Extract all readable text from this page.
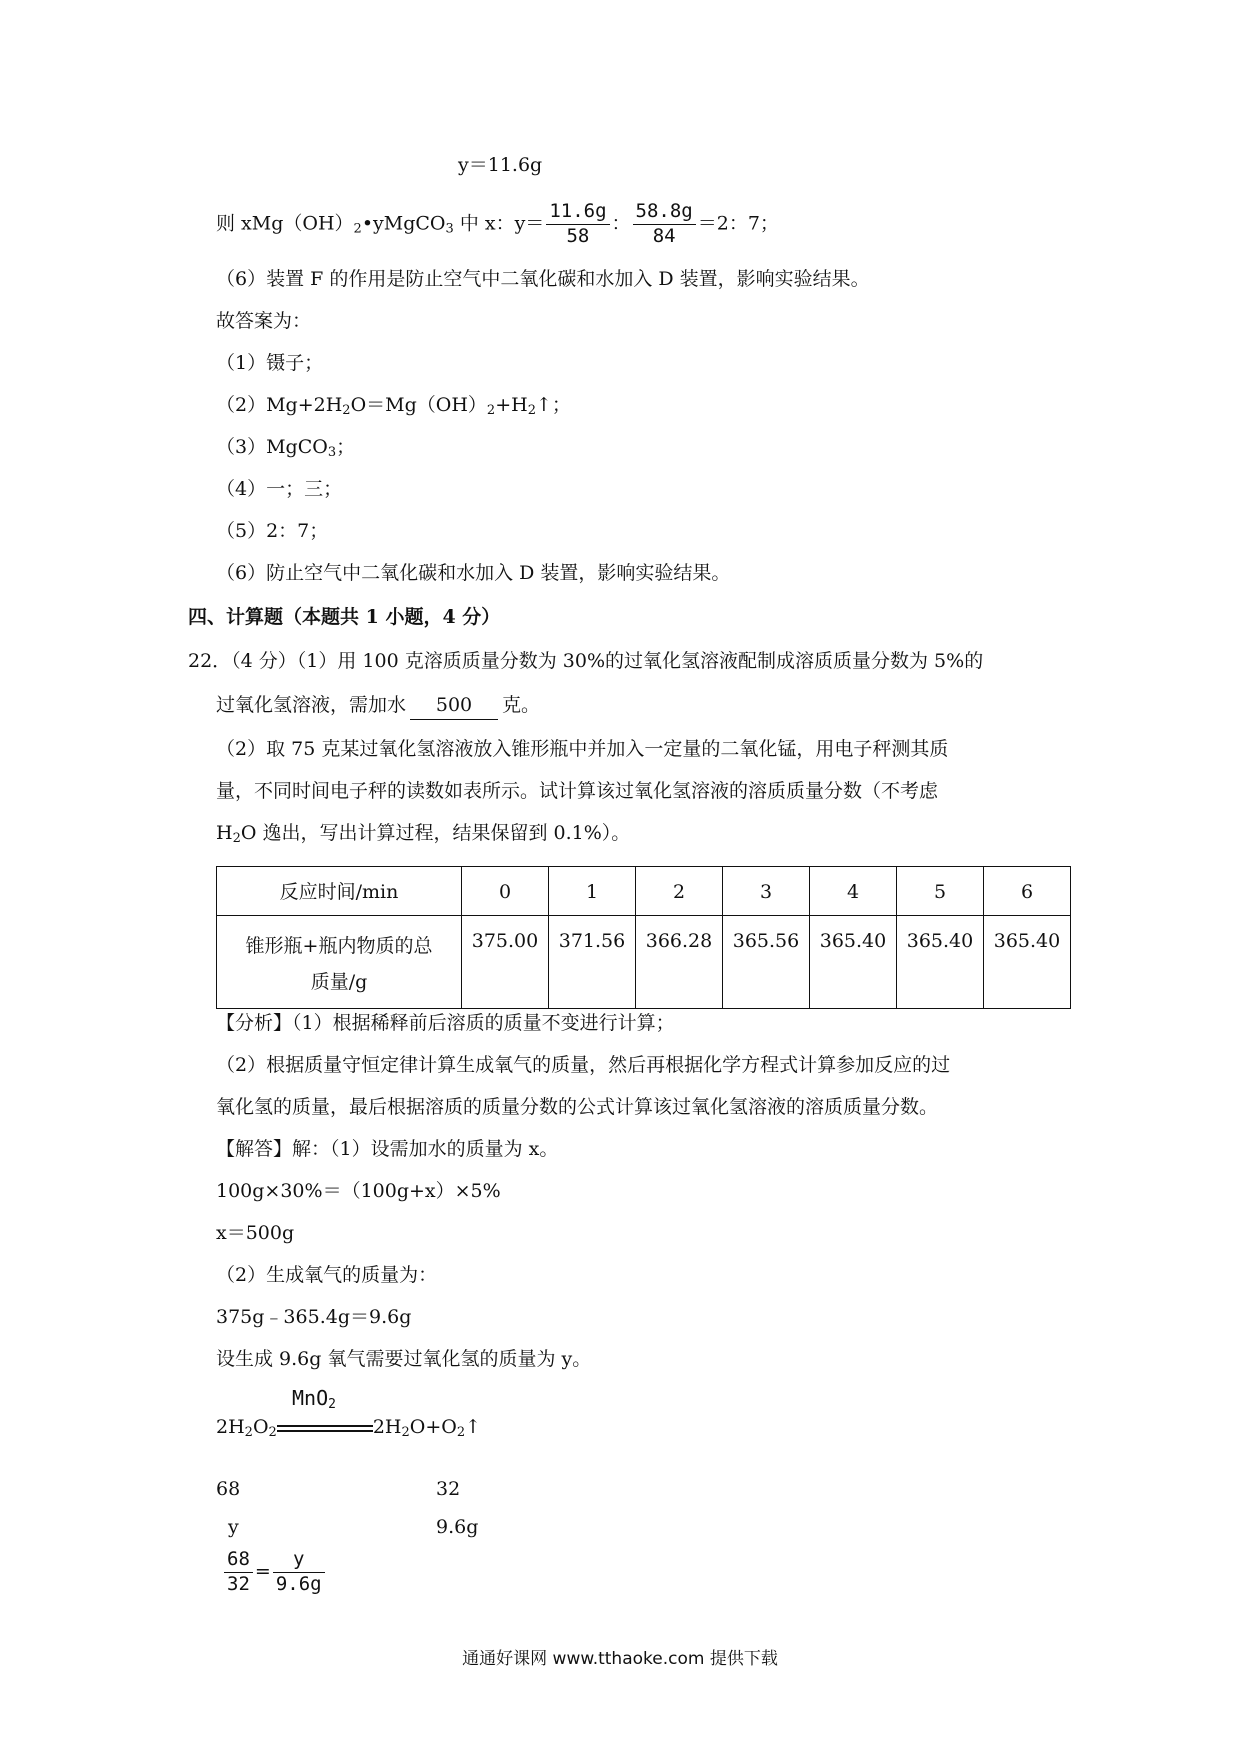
y＝11.6g
则 $xMg(OH)_2•yMgCO_3$ 中 x：$y= \frac{11.6g}{58}$ ： $\frac{58.8g}{84} =2$：7；
（6）装置 F 的作用是防止空气中二氧化碳和水加入 D 装置，影响实验结果。
故答案为：
（1）镊子；
$(2)Mg+2H_2O=Mg(OH)_2+H_2↑$；
（3）MgCO$_3$；
（4）一；三；
（5）2：7；
（6）防止空气中二氧化碳和水加入 D 装置，影响实验结果。
四、计算题（本题共 1 小题，4 分）
22．（4 分）（1）用 100 克溶质质量分数为 30%的过氧化氢溶液配制成溶质质量分数为 5%的
过氧化氢溶液，需加水 500 克。
（2）取 75 克某过氧化氢溶液放入锥形瓶中并加入一定量的二氧化锰，用电子秤测其质
量，不同时间电子秤的读数如表所示。试计算该过氧化氢溶液的溶质质量分数（不考虑
$H_2O$ 逸出，写出计算过程，结果保留到 0.1%）。
反应时间/min	0	1	2	3	4	5	6

锥形瓶+瓶内物质的总
质量/g	375.00	371.56	366.28	365.56	365.40	365.40	365.40
【分析】（1）根据稀释前后溶质的质量不变进行计算；
（2）根据质量守恒定律计算生成氧气的质量，然后再根据化学方程式计算参加反应的过
氧化氢的质量，最后根据溶质的质量分数的公式计算该过氧化氢溶液的溶质质量分数。
【解答】解：（1）设需加水的质量为 x。
100g×30%＝（100g+x）×5%
x＝500g
（2）生成氧气的质量为：
375g﹣365.4g＝9.6g
设生成 9.6g 氧气需要过氧化氢的质量为 y。
MnO$_2$
$2H_2O_2$	$2H_2O+O_2↑$
68	32
y	9.6g
$\frac{68}{32} = \frac{y}{9.6g}$
通通好课网 www.tthaoke.com 提供下载
